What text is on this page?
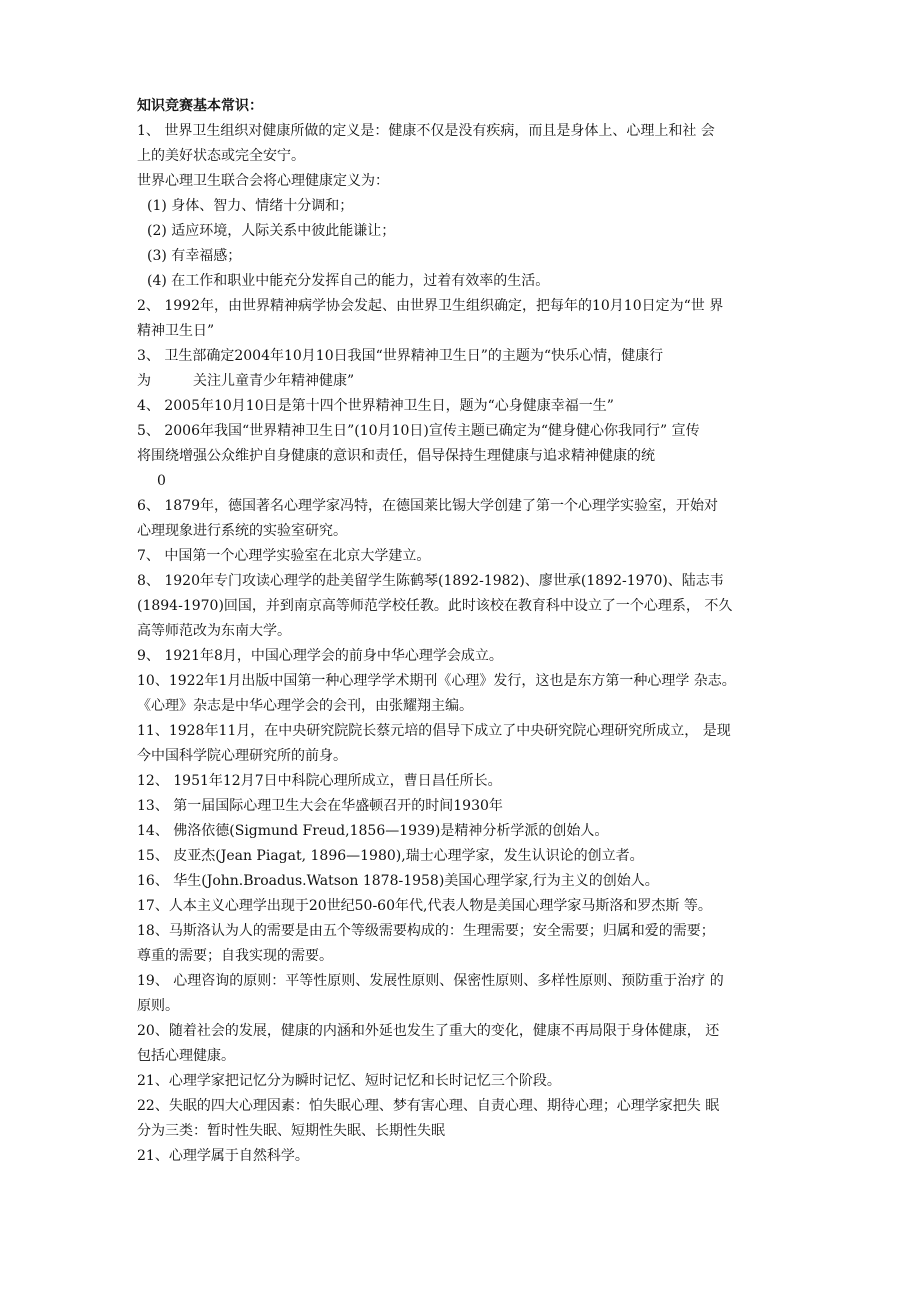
知识竞赛基本常识：
1、 世界卫生组织对健康所做的定义是：健康不仅是没有疾病，而且是身体上、心理上和社 会
上的美好状态或完全安宁。
世界心理卫生联合会将心理健康定义为：
(1) 身体、智力、情绪十分调和；
(2) 适应环境，人际关系中彼此能谦让；
(3) 有幸福感；
(4) 在工作和职业中能充分发挥自己的能力，过着有效率的生活。
2、 1992年，由世界精神病学协会发起、由世界卫生组织确定，把每年的10月10日定为“世 界
精神卫生日”
3、 卫生部确定2004年10月10日我国“世界精神卫生日”的主题为“快乐心情，健康行
为	关注儿童青少年精神健康”
4、 2005年10月10日是第十四个世界精神卫生日，题为“心身健康幸福一生”
5、 2006年我国“世界精神卫生日”(10月10日)宣传主题已确定为“健身健心你我同行” 宣传
将围绕增强公众维护自身健康的意识和责任，倡导保持生理健康与追求精神健康的统
0
6、 1879年，德国著名心理学家冯特，在德国莱比锡大学创建了第一个心理学实验室，开始对
心理现象进行系统的实验室研究。
7、 中国第一个心理学实验室在北京大学建立。
8、 1920年专门攻读心理学的赴美留学生陈鹤琴(1892-1982)、廖世承(1892-1970)、陆志韦
(1894-1970)回国，并到南京高等师范学校任教。此时该校在教育科中设立了一个心理系， 不久
高等师范改为东南大学。
9、 1921年8月，中国心理学会的前身中华心理学会成立。
10、1922年1月出版中国第一种心理学学术期刊《心理》发行，这也是东方第一种心理学 杂志。
《心理》杂志是中华心理学会的会刊，由张耀翔主编。
11、1928年11月，在中央研究院院长蔡元培的倡导下成立了中央研究院心理研究所成立， 是现
今中国科学院心理研究所的前身。
12、 1951年12月7日中科院心理所成立，曹日昌任所长。
13、 第一届国际心理卫生大会在华盛顿召开的时间1930年
14、 佛洛依德(Sigmund Freud,1856—1939)是精神分析学派的创始人。
15、 皮亚杰(Jean Piagat, 1896—1980),瑞士心理学家，发生认识论的创立者。
16、 华生(John.Broadus.Watson 1878-1958)美国心理学家,行为主义的创始人。
17、人本主义心理学出现于20世纪50-60年代,代表人物是美国心理学家马斯洛和罗杰斯 等。
18、马斯洛认为人的需要是由五个等级需要构成的：生理需要；安全需要；归属和爱的需要；
尊重的需要；自我实现的需要。
19、 心理咨询的原则：平等性原则、发展性原则、保密性原则、多样性原则、预防重于治疗 的
原则。
20、随着社会的发展，健康的内涵和外延也发生了重大的变化，健康不再局限于身体健康， 还
包括心理健康。
21、心理学家把记忆分为瞬时记忆、短时记忆和长时记忆三个阶段。
22、失眠的四大心理因素：怕失眠心理、梦有害心理、自责心理、期待心理；心理学家把失 眠
分为三类：暂时性失眠、短期性失眠、长期性失眠
21、心理学属于自然科学。
